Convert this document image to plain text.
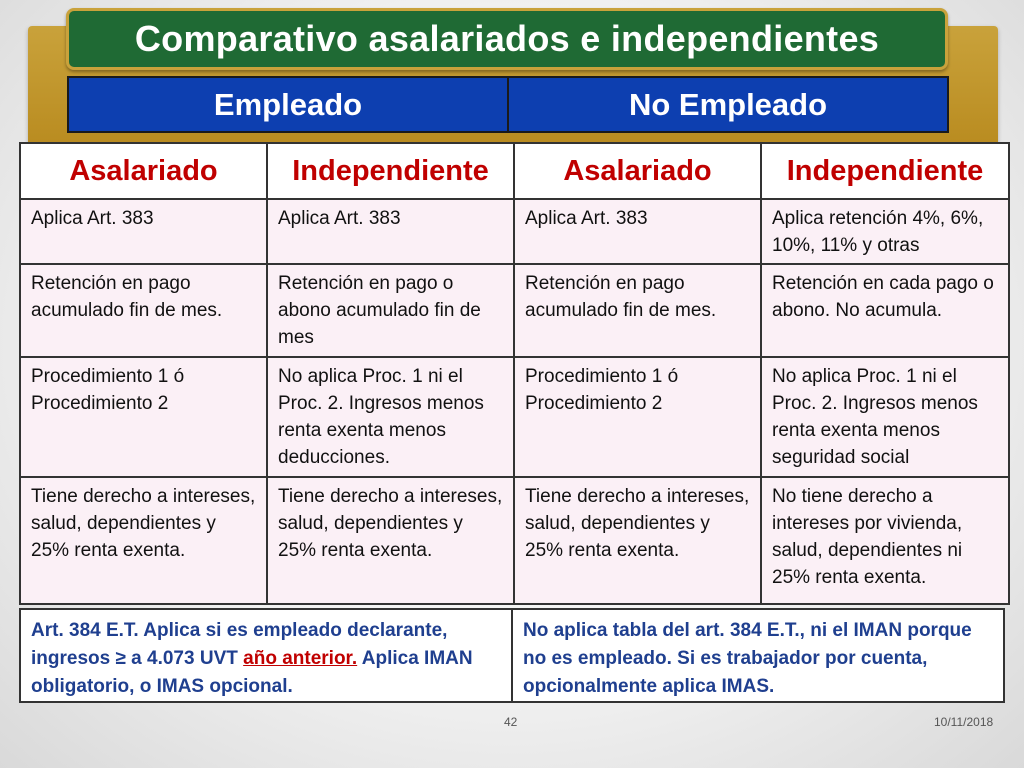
Comparativo asalariados e independientes
Empleado	No Empleado
Asalariado	Independiente	Asalariado	Independiente
Aplica Art. 383	Aplica Art. 383	Aplica Art. 383	Aplica retención 4%, 6%, 10%, 11% y otras
Retención en pago acumulado fin de mes.	Retención en pago o abono acumulado fin de mes	Retención en pago acumulado fin de mes.	Retención en cada pago o abono. No acumula.
Procedimiento 1 ó Procedimiento 2	No aplica Proc. 1 ni el Proc. 2. Ingresos menos renta exenta menos deducciones.	Procedimiento 1 ó Procedimiento 2	No aplica Proc. 1 ni el Proc. 2. Ingresos menos renta exenta menos seguridad social
Tiene derecho a intereses, salud, dependientes y 25% renta exenta.	Tiene derecho a intereses, salud, dependientes y 25% renta exenta.	Tiene derecho a intereses, salud, dependientes y 25% renta exenta.	No tiene derecho a intereses por vivienda, salud, dependientes ni 25% renta exenta.
Art. 384 E.T. Aplica si es empleado declarante, ingresos ≥ a 4.073 UVT año anterior. Aplica IMAN obligatorio, o IMAS opcional.
No aplica tabla del art. 384 E.T., ni el IMAN porque no es empleado. Si es trabajador por cuenta, opcionalmente aplica IMAS.
42	10/11/2018
